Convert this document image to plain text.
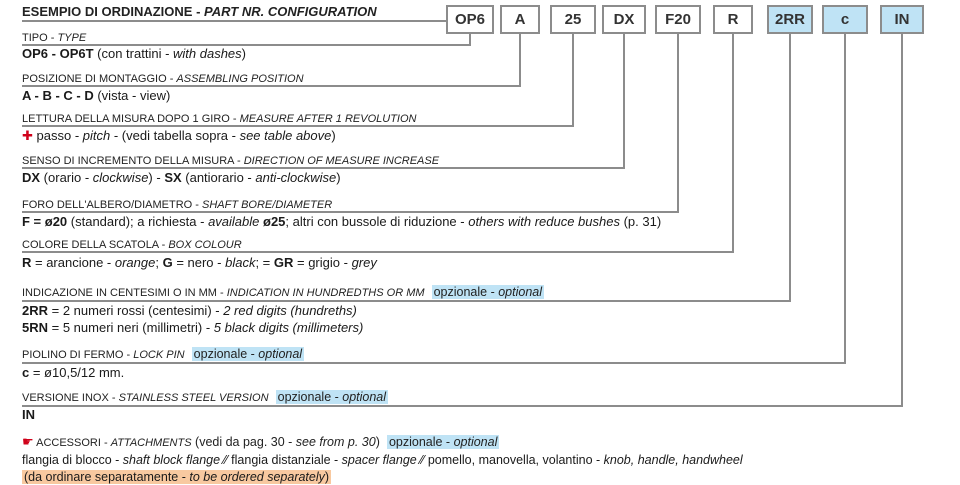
ESEMPIO DI ORDINAZIONE - PART NR. CONFIGURATION	OP6	A	25	DX	F20	R	2RR	c	IN
TIPO - TYPE
OP6 - OP6T (con trattini - with dashes)
POSIZIONE DI MONTAGGIO - ASSEMBLING POSITION
A - B - C - D (vista - view)
LETTURA DELLA MISURA DOPO 1 GIRO - MEASURE AFTER 1 REVOLUTION
✚ passo - pitch - (vedi tabella sopra - see table above)
SENSO DI INCREMENTO DELLA MISURA - DIRECTION OF MEASURE INCREASE
DX (orario - clockwise) - SX (antiorario - anti-clockwise)
FORO DELL'ALBERO/DIAMETRO - SHAFT BORE/DIAMETER
F = ø20 (standard); a richiesta - available ø25; altri con bussole di riduzione - others with reduce bushes (p. 31)
COLORE DELLA SCATOLA - BOX COLOUR
R = arancione - orange; G = nero - black; = GR = grigio - grey
INDICAZIONE IN CENTESIMI O IN MM - INDICATION IN HUNDREDTHS OR MM opzionale - optional
2RR = 2 numeri rossi (centesimi) - 2 red digits (hundreths)
5RN = 5 numeri neri (millimetri) - 5 black digits (millimeters)
PIOLINO DI FERMO - LOCK PIN opzionale - optional
c = ø10,5/12 mm.
VERSIONE INOX - STAINLESS STEEL VERSION opzionale - optional
IN
☛ ACCESSORI - ATTACHMENTS (vedi da pag. 30 - see from p. 30) opzionale - optional
flangia di blocco - shaft block flange ⁄⁄ flangia distanziale - spacer flange ⁄⁄ pomello, manovella, volantino - knob, handle, handwheel
(da ordinare separatamente - to be ordered separately)
